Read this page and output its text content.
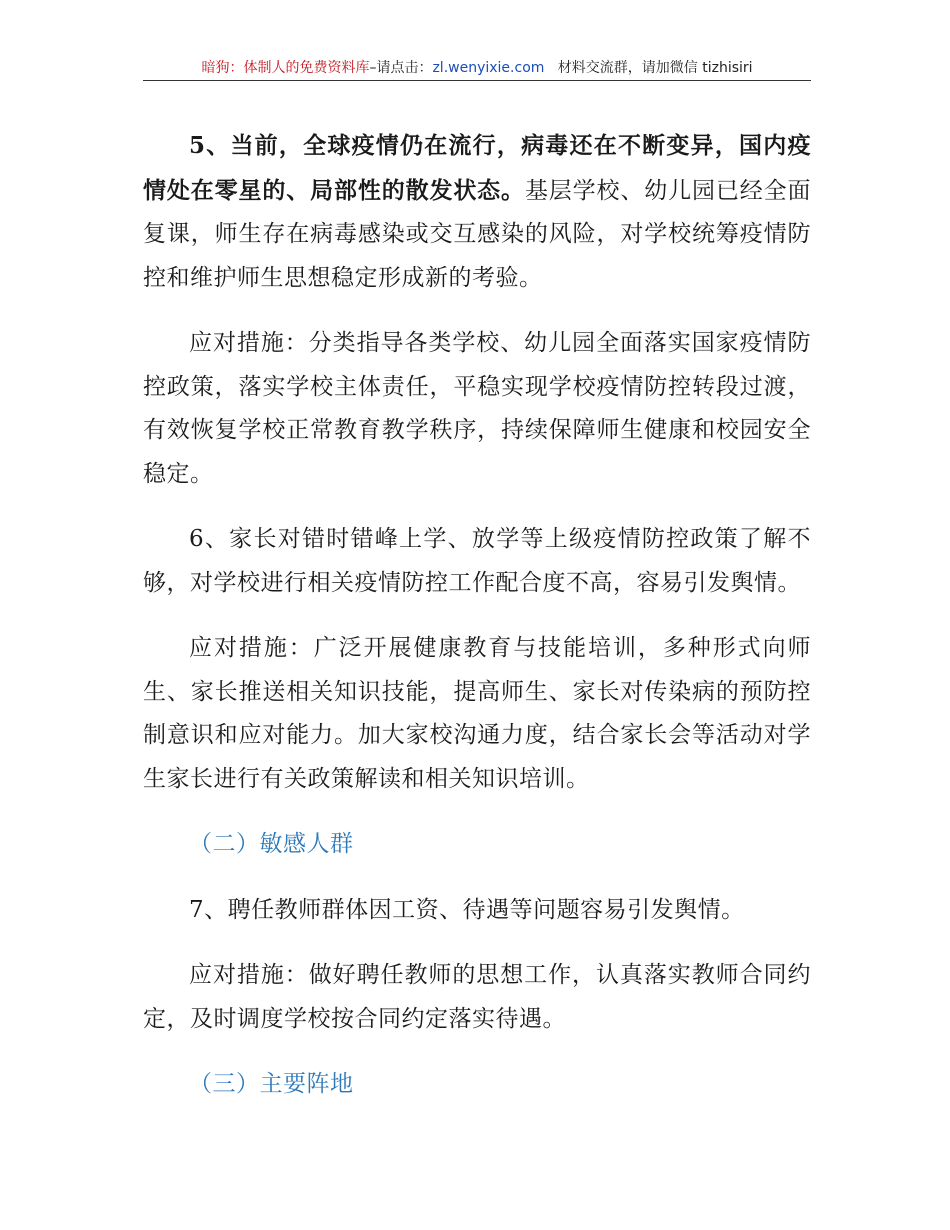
暗狗：体制人的免费资料库–请点击：zl.wenyixie.com 材料交流群，请加微信 tizhisiri

5、当前，全球疫情仍在流行，病毒还在不断变异，国内疫情处在零星的、局部性的散发状态。基层学校、幼儿园已经全面复课，师生存在病毒感染或交互感染的风险，对学校统筹疫情防控和维护师生思想稳定形成新的考验。

应对措施：分类指导各类学校、幼儿园全面落实国家疫情防控政策，落实学校主体责任，平稳实现学校疫情防控转段过渡，有效恢复学校正常教育教学秩序，持续保障师生健康和校园安全稳定。

6、家长对错时错峰上学、放学等上级疫情防控政策了解不够，对学校进行相关疫情防控工作配合度不高，容易引发舆情。

应对措施：广泛开展健康教育与技能培训，多种形式向师生、家长推送相关知识技能，提高师生、家长对传染病的预防控制意识和应对能力。加大家校沟通力度，结合家长会等活动对学生家长进行有关政策解读和相关知识培训。

（二）敏感人群

7、聘任教师群体因工资、待遇等问题容易引发舆情。

应对措施：做好聘任教师的思想工作，认真落实教师合同约定，及时调度学校按合同约定落实待遇。

（三）主要阵地
